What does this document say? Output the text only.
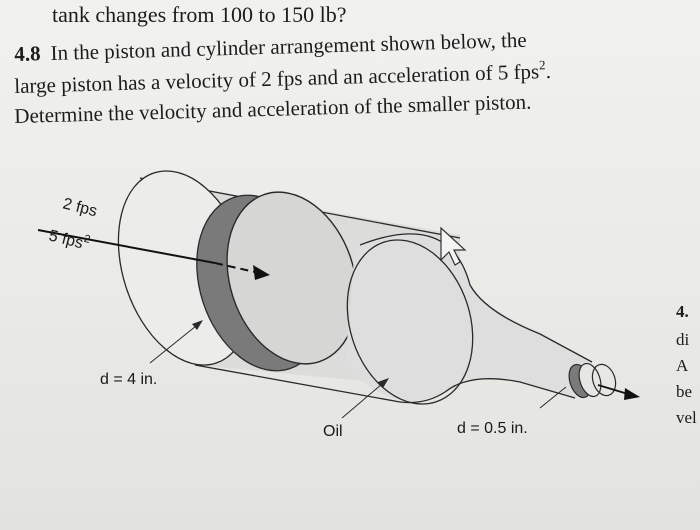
tank changes from 100 to 150 lb?
4.8 In the piston and cylinder arrangement shown below, the
large piston has a velocity of 2 fps and an acceleration of 5 fps$^2$.
Determine the velocity and acceleration of the smaller piston.
2 fps
5 fps$^2$
d = 4 in.
Oil	d = 0.5 in.
4.
di
A
be
vel
